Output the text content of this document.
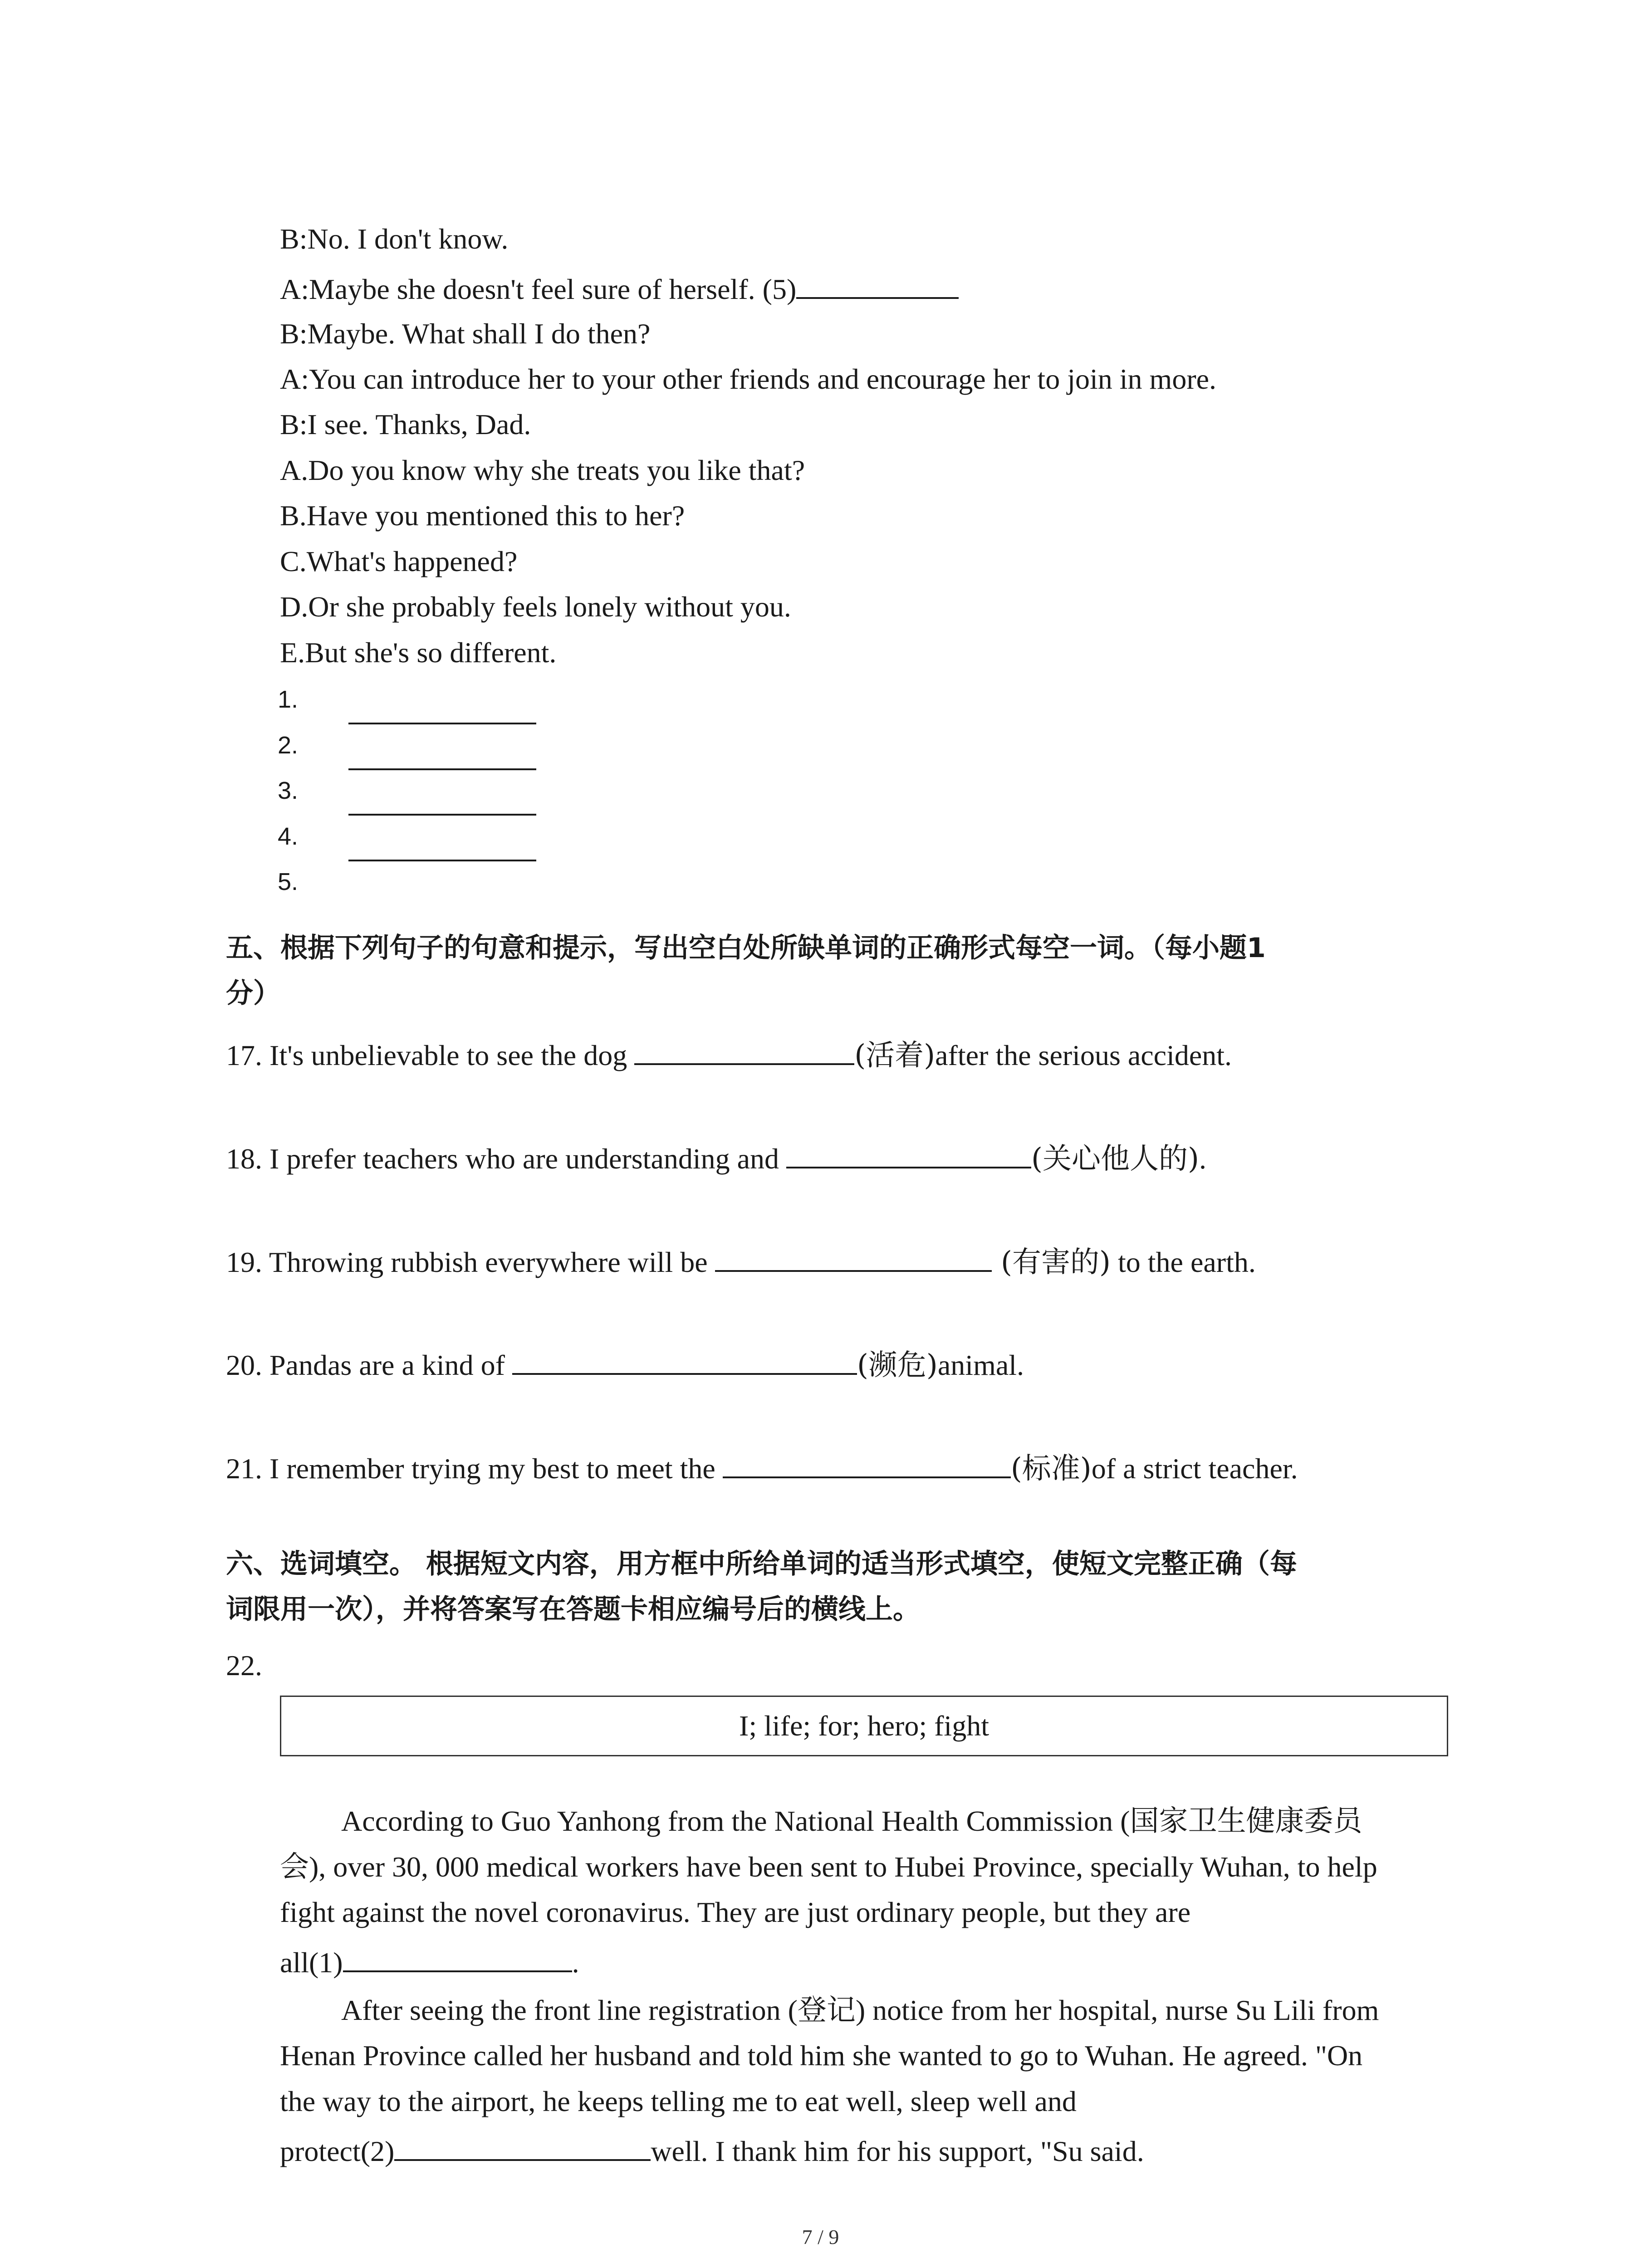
B:No. I don't know.
A:Maybe she doesn't feel sure of herself. (5)
B:Maybe. What shall I do then?
A:You can introduce her to your other friends and encourage her to join in more.
B:I see. Thanks, Dad.
A.Do you know why she treats you like that?
B.Have you mentioned this to her?
C.What's happened?
D.Or she probably feels lonely without you.
E.But she's so different.
1.
2.
3.
4.
5.
五、根据下列句子的句意和提示，写出空白处所缺单词的正确形式每空一词。（每小题1
分）
17. It's unbelievable to see the dog	(活着)after the serious accident.
18. I prefer teachers who are understanding and	(关心他人的).
19. Throwing rubbish everywhere will be	(有害的) to the earth.
20. Pandas are a kind of	(濒危)animal.
21. I remember trying my best to meet the	(标准)of a strict teacher.
六、选词填空。 根据短文内容，用方框中所给单词的适当形式填空，使短文完整正确（每
词限用一次），并将答案写在答题卡相应编号后的横线上。
22.
I; life; for; hero; fight
According to Guo Yanhong from the National Health Commission (国家卫生健康委员
会), over 30, 000 medical workers have been sent to Hubei Province, specially Wuhan, to help
fight against the novel coronavirus. They are just ordinary people, but they are
all(1)	.
After seeing the front line registration (登记) notice from her hospital, nurse Su Lili from
Henan Province called her husband and told him she wanted to go to Wuhan. He agreed. "On
the way to the airport, he keeps telling me to eat well, sleep well and
protect(2)	well. I thank him for his support, "Su said.
7 / 9
